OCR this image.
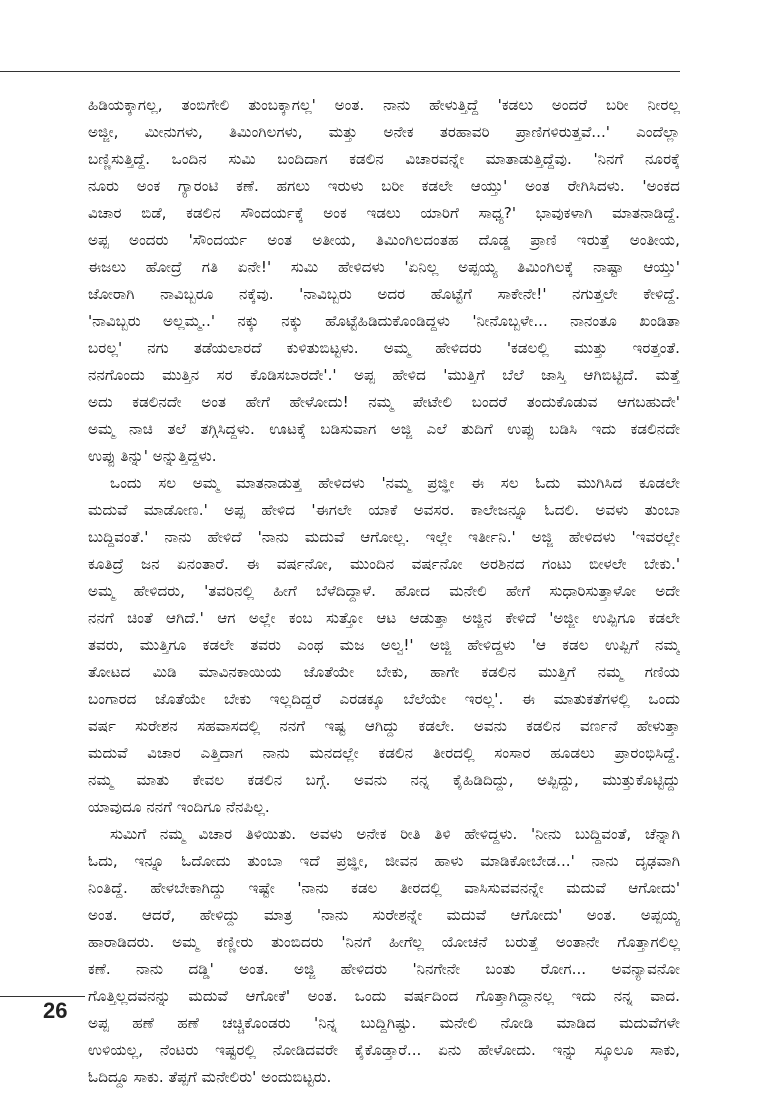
ಹಿಡಿಯಕ್ಕಾಗಲ್ಲ, ತಂಬಿಗೇಲಿ ತುಂಬಕ್ಕಾಗಲ್ಲ' ಅಂತ. ನಾನು ಹೇಳುತ್ತಿದ್ದೆ 'ಕಡಲು ಅಂದರೆ ಬರೀ ನೀರಲ್ಲ
ಅಜ್ಜೀ, ಮೀನುಗಳು, ತಿಮಿಂಗಿಲಗಳು, ಮತ್ತು ಅನೇಕ ತರಹಾವರಿ ಪ್ರಾಣಿಗಳಿರುತ್ತವೆ...' ಎಂದೆಲ್ಲಾ
ಬಣ್ಣಿಸುತ್ತಿದ್ದೆ. ಒಂದಿನ ಸುಮಿ ಬಂದಿದಾಗ ಕಡಲಿನ ವಿಚಾರವನ್ನೇ ಮಾತಾಡುತ್ತಿದ್ದೆವು. 'ನಿನಗೆ ನೂರಕ್ಕೆ
ನೂರು ಅಂಕ ಗ್ಯಾರಂಟಿ ಕಣೆ. ಹಗಲು ಇರುಳು ಬರೀ ಕಡಲೇ ಆಯ್ತು' ಅಂತ ರೇಗಿಸಿದಳು. 'ಅಂಕದ
ವಿಚಾರ ಬಿಡೆ, ಕಡಲಿನ ಸೌಂದರ್ಯಕ್ಕೆ ಅಂಕ ಇಡಲು ಯಾರಿಗೆ ಸಾಧ್ಯ?' ಭಾವುಕಳಾಗಿ ಮಾತನಾಡಿದ್ದೆ.
ಅಪ್ಪ ಅಂದರು 'ಸೌಂದರ್ಯ ಅಂತ ಅತೀಯ, ತಿಮಿಂಗಿಲದಂತಹ ದೊಡ್ಡ ಪ್ರಾಣಿ ಇರುತ್ತೆ ಅಂತೀಯ,
ಈಜಲು ಹೋದ್ರೆ ಗತಿ ಏನೇ!' ಸುಮಿ ಹೇಳಿದಳು 'ಏನಿಲ್ಲ ಅಪ್ಪಯ್ಯ ತಿಮಿಂಗಿಲಕ್ಕೆ ನಾಷ್ಟಾ ಆಯ್ತು'
ಜೋರಾಗಿ ನಾವಿಬ್ಬರೂ ನಕ್ಕೆವು. 'ನಾವಿಬ್ಬರು ಅದರ ಹೊಟ್ಟೆಗೆ ಸಾಕೇನೇ!' ನಗುತ್ತಲೇ ಕೇಳಿದ್ದೆ.
'ನಾವಿಬ್ಬರು ಅಲ್ಲಮ್ಮ..' ನಕ್ಕು ನಕ್ಕು ಹೊಟ್ಟೆಹಿಡಿದುಕೊಂಡಿದ್ದಳು 'ನೀನೊಬ್ಬಳೇ... ನಾನಂತೂ ಖಂಡಿತಾ
ಬರಲ್ಲ' ನಗು ತಡೆಯಲಾರದೆ ಕುಳಿತುಬಿಟ್ಟಳು. ಅಮ್ಮ ಹೇಳಿದರು 'ಕಡಲಲ್ಲಿ ಮುತ್ತು ಇರತ್ತಂತೆ.
ನನಗೊಂದು ಮುತ್ತಿನ ಸರ ಕೊಡಿಸಬಾರದೇ'.' ಅಪ್ಪ ಹೇಳಿದ 'ಮುತ್ತಿಗೆ ಬೆಲೆ ಜಾಸ್ತಿ ಆಗಿಬಿಟ್ಟಿದೆ. ಮತ್ತೆ
ಅದು ಕಡಲಿನದೇ ಅಂತ ಹೇಗೆ ಹೇಳೋದು! ನಮ್ಮ ಪೇಟೇಲಿ ಬಂದರೆ ತಂದುಕೊಡುವ ಆಗಬಹುದೇ'
ಅಮ್ಮ ನಾಚಿ ತಲೆ ತಗ್ಗಿಸಿದ್ದಳು. ಊಟಕ್ಕೆ ಬಡಿಸುವಾಗ ಅಜ್ಜಿ ಎಲೆ ತುದಿಗೆ ಉಪ್ಪು ಬಡಿಸಿ ಇದು ಕಡಲಿನದೇ
ಉಪ್ಪು ತಿನ್ನು' ಅನ್ನುತ್ತಿದ್ದಳು.
ಒಂದು ಸಲ ಅಮ್ಮ ಮಾತನಾಡುತ್ತ ಹೇಳಿದಳು 'ನಮ್ಮ ಪ್ರಜ್ಞೀ ಈ ಸಲ ಓದು ಮುಗಿಸಿದ ಕೂಡಲೇ
ಮದುವೆ ಮಾಡೋಣ.' ಅಪ್ಪ ಹೇಳಿದ 'ಈಗಲೇ ಯಾಕೆ ಅವಸರ. ಕಾಲೇಜನ್ನೂ ಓದಲಿ. ಅವಳು ತುಂಬಾ
ಬುದ್ದಿವಂತೆ.' ನಾನು ಹೇಳಿದೆ 'ನಾನು ಮದುವೆ ಆಗೋಲ್ಲ. ಇಲ್ಲೇ ಇರ್ತೀನಿ.' ಅಜ್ಜಿ ಹೇಳಿದಳು 'ಇವರಲ್ಲೇ
ಕೂತಿದ್ರೆ ಜನ ಏನಂತಾರೆ. ಈ ವರ್ಷನೋ, ಮುಂದಿನ ವರ್ಷನೋ ಅರಶಿನದ ಗಂಟು ಬೀಳಲೇ ಬೇಕು.'
ಅಮ್ಮ ಹೇಳಿದರು, 'ತವರಿನಲ್ಲಿ ಹೀಗೆ ಬೆಳೆದಿದ್ದಾಳೆ. ಹೋದ ಮನೇಲಿ ಹೇಗೆ ಸುಧಾರಿಸುತ್ತಾಳೋ ಅದೇ
ನನಗೆ ಚಿಂತೆ ಆಗಿದೆ.' ಆಗ ಅಲ್ಲೇ ಕಂಬ ಸುತ್ತೋ ಆಟ ಆಡುತ್ತಾ ಅಜ್ಜಿನ ಕೇಳಿದೆ 'ಅಜ್ಜೀ ಉಪ್ಪಿಗೂ ಕಡಲೇ
ತವರು, ಮುತ್ತಿಗೂ ಕಡಲೇ ತವರು ಎಂಥ ಮಜ ಅಲ್ವ!' ಅಜ್ಜಿ ಹೇಳಿದ್ದಳು 'ಆ ಕಡಲ ಉಪ್ಪಿಗೆ ನಮ್ಮ
ತೋಟದ ಮಿಡಿ ಮಾವಿನಕಾಯಿಯ ಜೊತೆಯೇ ಬೇಕು, ಹಾಗೇ ಕಡಲಿನ ಮುತ್ತಿಗೆ ನಮ್ಮ ಗಣಿಯ
ಬಂಗಾರದ ಜೊತೆಯೇ ಬೇಕು ಇಲ್ಲದಿದ್ದರೆ ಎರಡಕ್ಕೂ ಬೆಲೆಯೇ ಇರಲ್ಲ'. ಈ ಮಾತುಕತೆಗಳಲ್ಲಿ ಒಂದು
ವರ್ಷ ಸುರೇಶನ ಸಹವಾಸದಲ್ಲಿ ನನಗೆ ಇಷ್ಟ ಆಗಿದ್ದು ಕಡಲೇ. ಅವನು ಕಡಲಿನ ವರ್ಣನೆ ಹೇಳುತ್ತಾ
ಮದುವೆ ವಿಚಾರ ಎತ್ತಿದಾಗ ನಾನು ಮನದಲ್ಲೇ ಕಡಲಿನ ತೀರದಲ್ಲಿ ಸಂಸಾರ ಹೂಡಲು ಪ್ರಾರಂಭಿಸಿದ್ದೆ.
ನಮ್ಮ ಮಾತು ಕೇವಲ ಕಡಲಿನ ಬಗ್ಗೆ. ಅವನು ನನ್ನ ಕೈಹಿಡಿದಿದ್ದು, ಅಪ್ಪಿದ್ದು, ಮುತ್ತುಕೊಟ್ಟಿದ್ದು
ಯಾವುದೂ ನನಗೆ ಇಂದಿಗೂ ನೆನಪಿಲ್ಲ.
ಸುಮಿಗೆ ನಮ್ಮ ವಿಚಾರ ತಿಳಿಯಿತು. ಅವಳು ಅನೇಕ ರೀತಿ ತಿಳಿ ಹೇಳಿದ್ದಳು. 'ನೀನು ಬುದ್ದಿವಂತೆ, ಚೆನ್ನಾಗಿ
ಓದು, ಇನ್ನೂ ಓದೋದು ತುಂಬಾ ಇದೆ ಪ್ರಜ್ಞೀ, ಜೀವನ ಹಾಳು ಮಾಡಿಕೋಬೇಡ...' ನಾನು ದೃಢವಾಗಿ
ನಿಂತಿದ್ದೆ. ಹೇಳಬೇಕಾಗಿದ್ದು ಇಷ್ಟೇ 'ನಾನು ಕಡಲ ತೀರದಲ್ಲಿ ವಾಸಿಸುವವನನ್ನೇ ಮದುವೆ ಆಗೋದು'
ಅಂತ. ಆದರೆ, ಹೇಳಿದ್ದು ಮಾತ್ರ 'ನಾನು ಸುರೇಶನ್ನೇ ಮದುವೆ ಆಗೋದು' ಅಂತ. ಅಪ್ಪಯ್ಯ
ಹಾರಾಡಿದರು. ಅಮ್ಮ ಕಣ್ಣೀರು ತುಂಬಿದರು 'ನಿನಗೆ ಹೀಗೆಲ್ಲ ಯೋಚನೆ ಬರುತ್ತೆ ಅಂತಾನೇ ಗೊತ್ತಾಗಲಿಲ್ಲ
ಕಣೆ. ನಾನು ದಡ್ಡಿ' ಅಂತ. ಅಜ್ಜಿ ಹೇಳಿದರು 'ನಿನಗೇನೇ ಬಂತು ರೋಗ... ಅವನ್ಯಾವನೋ
ಗೊತ್ತಿಲ್ಲದವನನ್ನು ಮದುವೆ ಆಗೋಕೆ' ಅಂತ. ಒಂದು ವರ್ಷದಿಂದ ಗೊತ್ತಾಗಿದ್ದಾನಲ್ಲ ಇದು ನನ್ನ ವಾದ.
ಅಪ್ಪ ಹಣೆ ಹಣೆ ಚಚ್ಚಿಕೊಂಡರು 'ನಿನ್ನ ಬುದ್ದಿಗಿಷ್ಟು. ಮನೇಲಿ ನೋಡಿ ಮಾಡಿದ ಮದುವೆಗಳೇ
ಉಳಿಯಲ್ಲ, ನೆಂಟರು ಇಷ್ಟರಲ್ಲಿ ನೋಡಿದವರೇ ಕೈಕೊಡ್ತಾರೆ... ಏನು ಹೇಳೋದು. ಇನ್ನು ಸ್ಕೂಲೂ ಸಾಕು,
ಓದಿದ್ದೂ ಸಾಕು. ತೆಪ್ಪಗೆ ಮನೇಲಿರು' ಅಂದುಬಿಟ್ಟರು.
26
